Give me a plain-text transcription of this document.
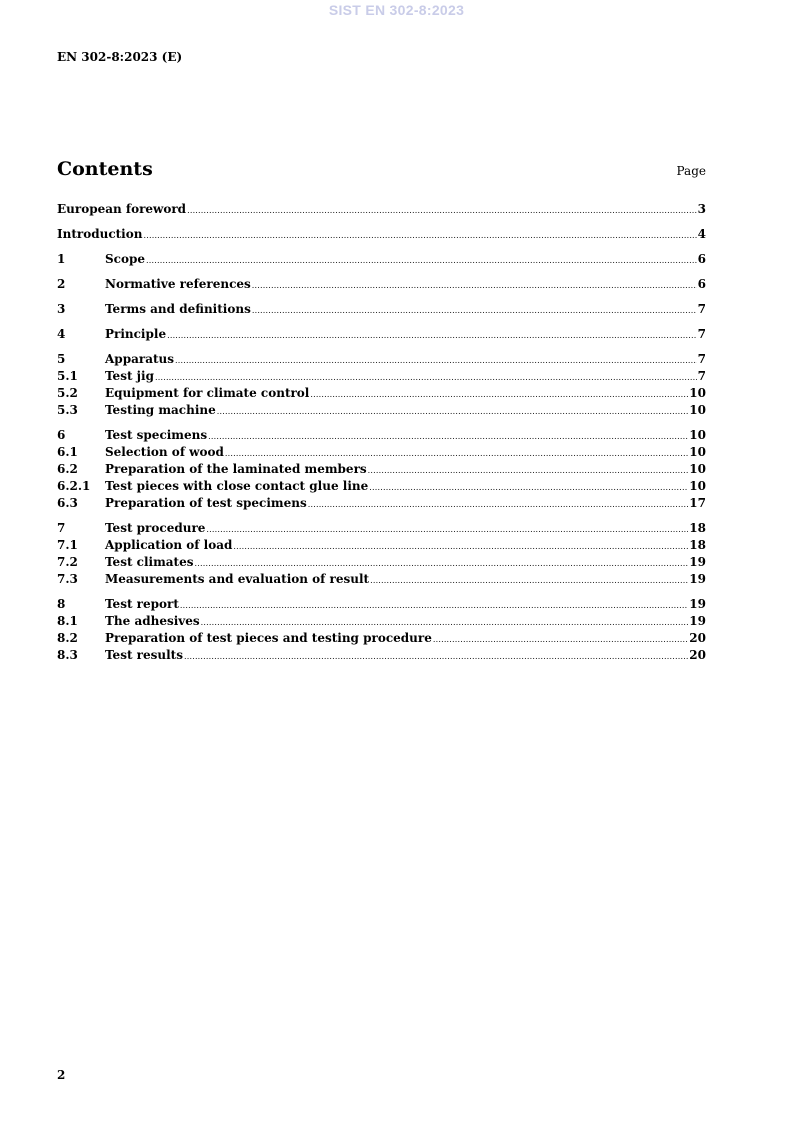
SIST EN 302-8:2023
EN 302-8:2023 (E)
Contents	Page
European foreword .....	3
Introduction .....	4
1	Scope .....	6
2	Normative references .....	6
3	Terms and definitions .....	7
4	Principle .....	7
5	Apparatus .....	7
5.1	Test jig .....	7
5.2	Equipment for climate control .....	10
5.3	Testing machine .....	10
6	Test specimens .....	10
6.1	Selection of wood .....	10
6.2	Preparation of the laminated members .....	10
6.2.1	Test pieces with close contact glue line .....	10
6.3	Preparation of test specimens .....	17
7	Test procedure .....	18
7.1	Application of load .....	18
7.2	Test climates .....	19
7.3	Measurements and evaluation of result .....	19
8	Test report .....	19
8.1	The adhesives .....	19
8.2	Preparation of test pieces and testing procedure .....	20
8.3	Test results .....	20
2
